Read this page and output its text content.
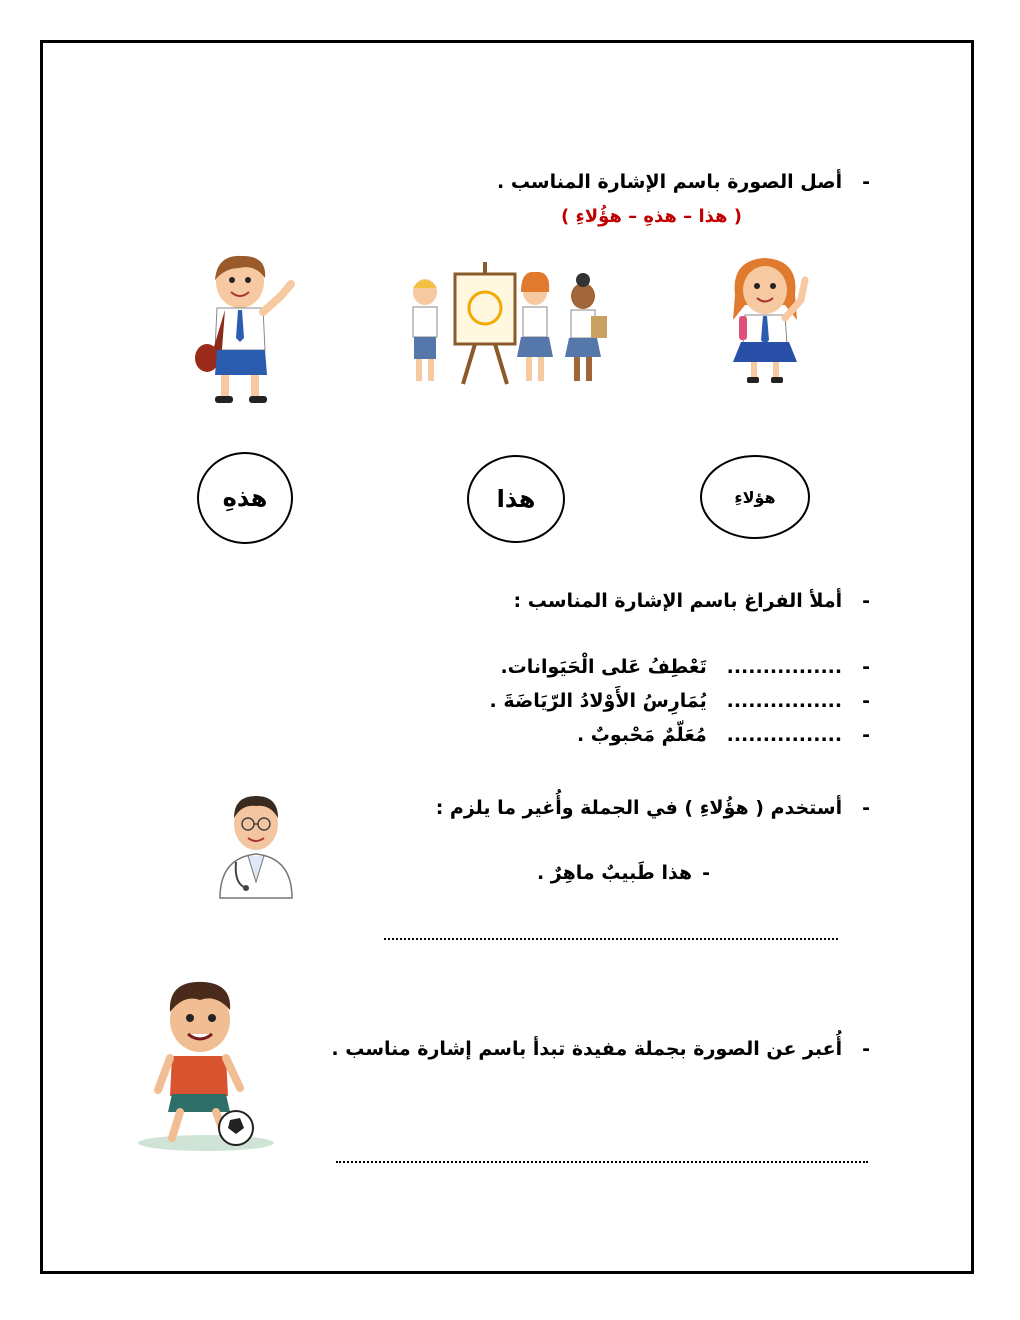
-أصل الصورة باسم الإشارة المناسب .
( هذا – هذهِ – هؤُلاءِ )
هؤلاءِ
هذا
هذهِ
-أملأ الفراغ باسم الإشارة المناسب :
-................   تَعْطِفُ عَلى الْحَيَوانات.
-................   يُمَارِسُ الأَوْلادُ الرّيَاضَةَ .
-................   مُعَلّمٌ مَحْبوبٌ .
-أستخدم ( هؤُلاءِ ) في الجملة وأُغير ما يلزم :
-هذا طَبيبٌ ماهِرٌ .
-أُعبر عن الصورة بجملة مفيدة تبدأ باسم إشارة مناسب .
